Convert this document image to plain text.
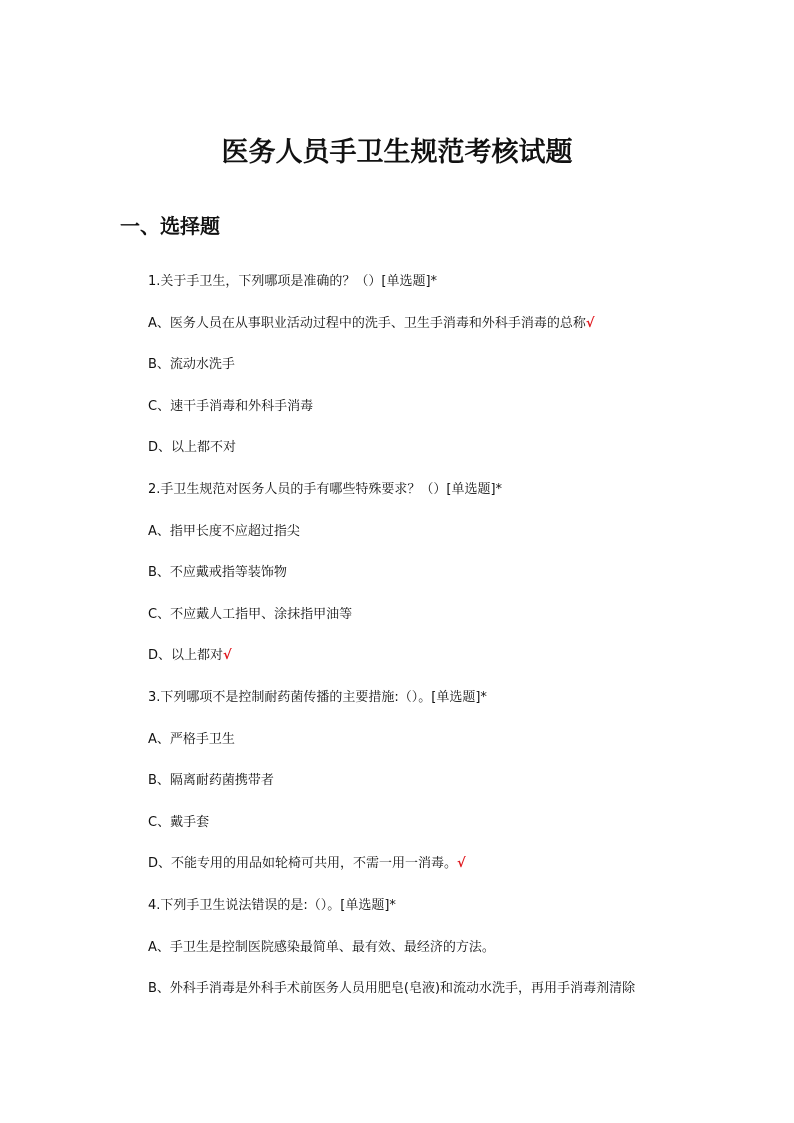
医务人员手卫生规范考核试题
一、选择题
1.关于手卫生，下列哪项是准确的？（）[单选题]*
A、医务人员在从事职业活动过程中的洗手、卫生手消毒和外科手消毒的总称√
B、流动水洗手
C、速干手消毒和外科手消毒
D、以上都不对
2.手卫生规范对医务人员的手有哪些特殊要求？（）[单选题]*
A、指甲长度不应超过指尖
B、不应戴戒指等装饰物
C、不应戴人工指甲、涂抹指甲油等
D、以上都对√
3.下列哪项不是控制耐药菌传播的主要措施:（）。[单选题]*
A、严格手卫生
B、隔离耐药菌携带者
C、戴手套
D、不能专用的用品如轮椅可共用，不需一用一消毒。√
4.下列手卫生说法错误的是:（）。[单选题]*
A、手卫生是控制医院感染最简单、最有效、最经济的方法。
B、外科手消毒是外科手术前医务人员用肥皂(皂液)和流动水洗手，再用手消毒剂清除
